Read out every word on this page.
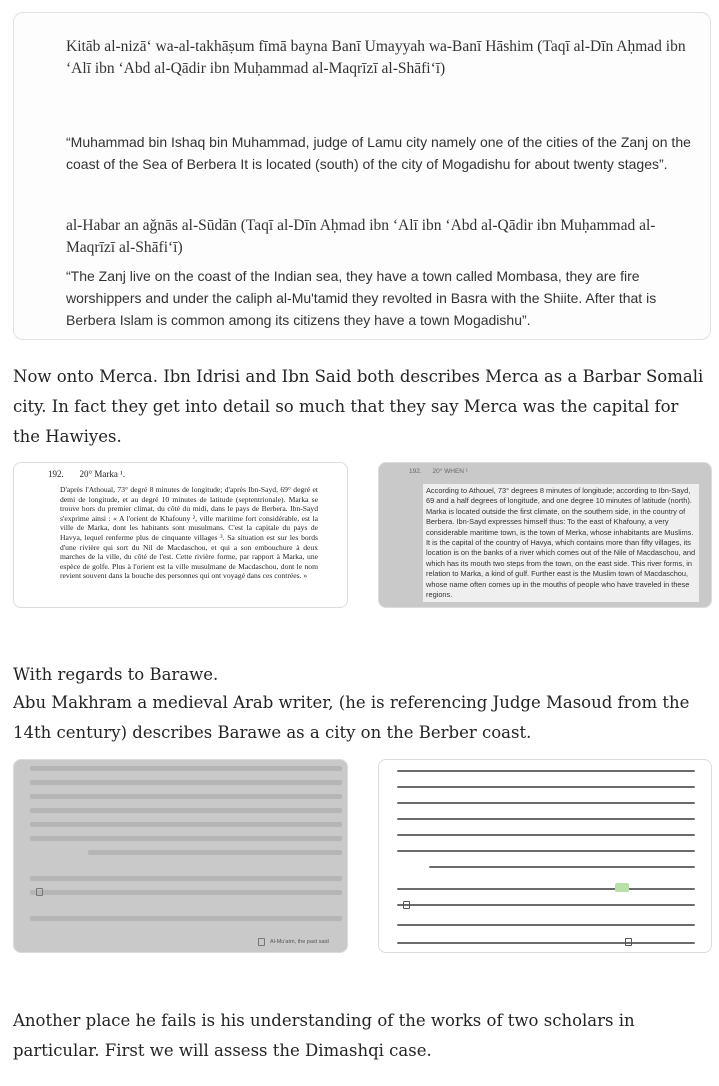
Kitāb al-nizā‘ wa-al-takhāṣum fīmā bayna Banī Umayyah wa-Banī Hāshim (Taqī al-Dīn Aḥmad ibn ‘Alī ibn ‘Abd al-Qādir ibn Muḥammad al-Maqrīzī al-Shāfi‘ī)
“Muhammad bin Ishaq bin Muhammad, judge of Lamu city namely one of the cities of the Zanj on the coast of the Sea of Berbera It is located (south) of the city of Mogadishu for about twenty stages”.
al-Habar an aǧnās al-Sūdān (Taqī al-Dīn Aḥmad ibn ‘Alī ibn ‘Abd al-Qādir ibn Muḥammad al-Maqrīzī al-Shāfi‘ī)
“The Zanj live on the coast of the Indian sea, they have a town called Mombasa, they are fire worshippers and under the caliph al-Mu'tamid they revolted in Basra with the Shiite. After that is Berbera Islam is common among its citizens they have a town Mogadishu”.

Now onto Merca. Ibn Idrisi and Ibn Said both describes Merca as a Barbar Somali city. In fact they get into detail so much that they say Merca was the capital for the Hawiyes.

192. 20° Marka ¹.
D'après l'Athoual, 73° degré 8 minutes de longitude; d'après Ibn-Sayd, 69° degré et demi de longitude, et au degré 10 minutes de latitude (septentrionale). Marka se trouve hors du premier climat, du côté du midi, dans le pays de Berbera. Ibn-Sayd s'exprime ainsi : « A l'orient de Khafouny ², ville maritime fort considérable, est la ville de Marka, dont les habitants sont musulmans. C'est la capitale du pays de Havya, lequel renferme plus de cinquante villages ³. Sa situation est sur les bords d'une rivière qui sort du Nil de Macdaschou, et qui a son embouchure à deux marches de la ville, du côté de l'est. Cette rivière forme, par rapport à Marka, une espèce de golfe. Plus à l'orient est la ville musulmane de Macdaschou, dont le nom revient souvent dans la bouche des personnes qui ont voyagé dans ces contrées. »
192. 20° WHEN ¹
According to Athouel, 73° degrees 8 minutes of longitude; according to Ibn-Sayd, 69 and a half degrees of longitude, and one degree 10 minutes of latitude (north). Marka is located outside the first climate, on the southern side, in the country of Berbera. Ibn-Sayd expresses himself thus: To the east of Khafouny, a very considerable maritime town, is the town of Merka, whose inhabitants are Muslims. It is the capital of the country of Havya, which contains more than fifty villages, its location is on the banks of a river which comes out of the Nile of Macdaschou, and which has its mouth two steps from the town, on the east side. This river forms, in relation to Marka, a kind of gulf. Further east is the Muslim town of Macdaschou, whose name often comes up in the mouths of people who have traveled in these regions.

With regards to Barawe.

Abu Makhram a medieval Arab writer, (he is referencing Judge Masoud from the 14th century) describes Barawe as a city on the Berber coast.

Al-Mu'atm, the past said

Another place he fails is his understanding of the works of two scholars in particular. First we will assess the Dimashqi case.
